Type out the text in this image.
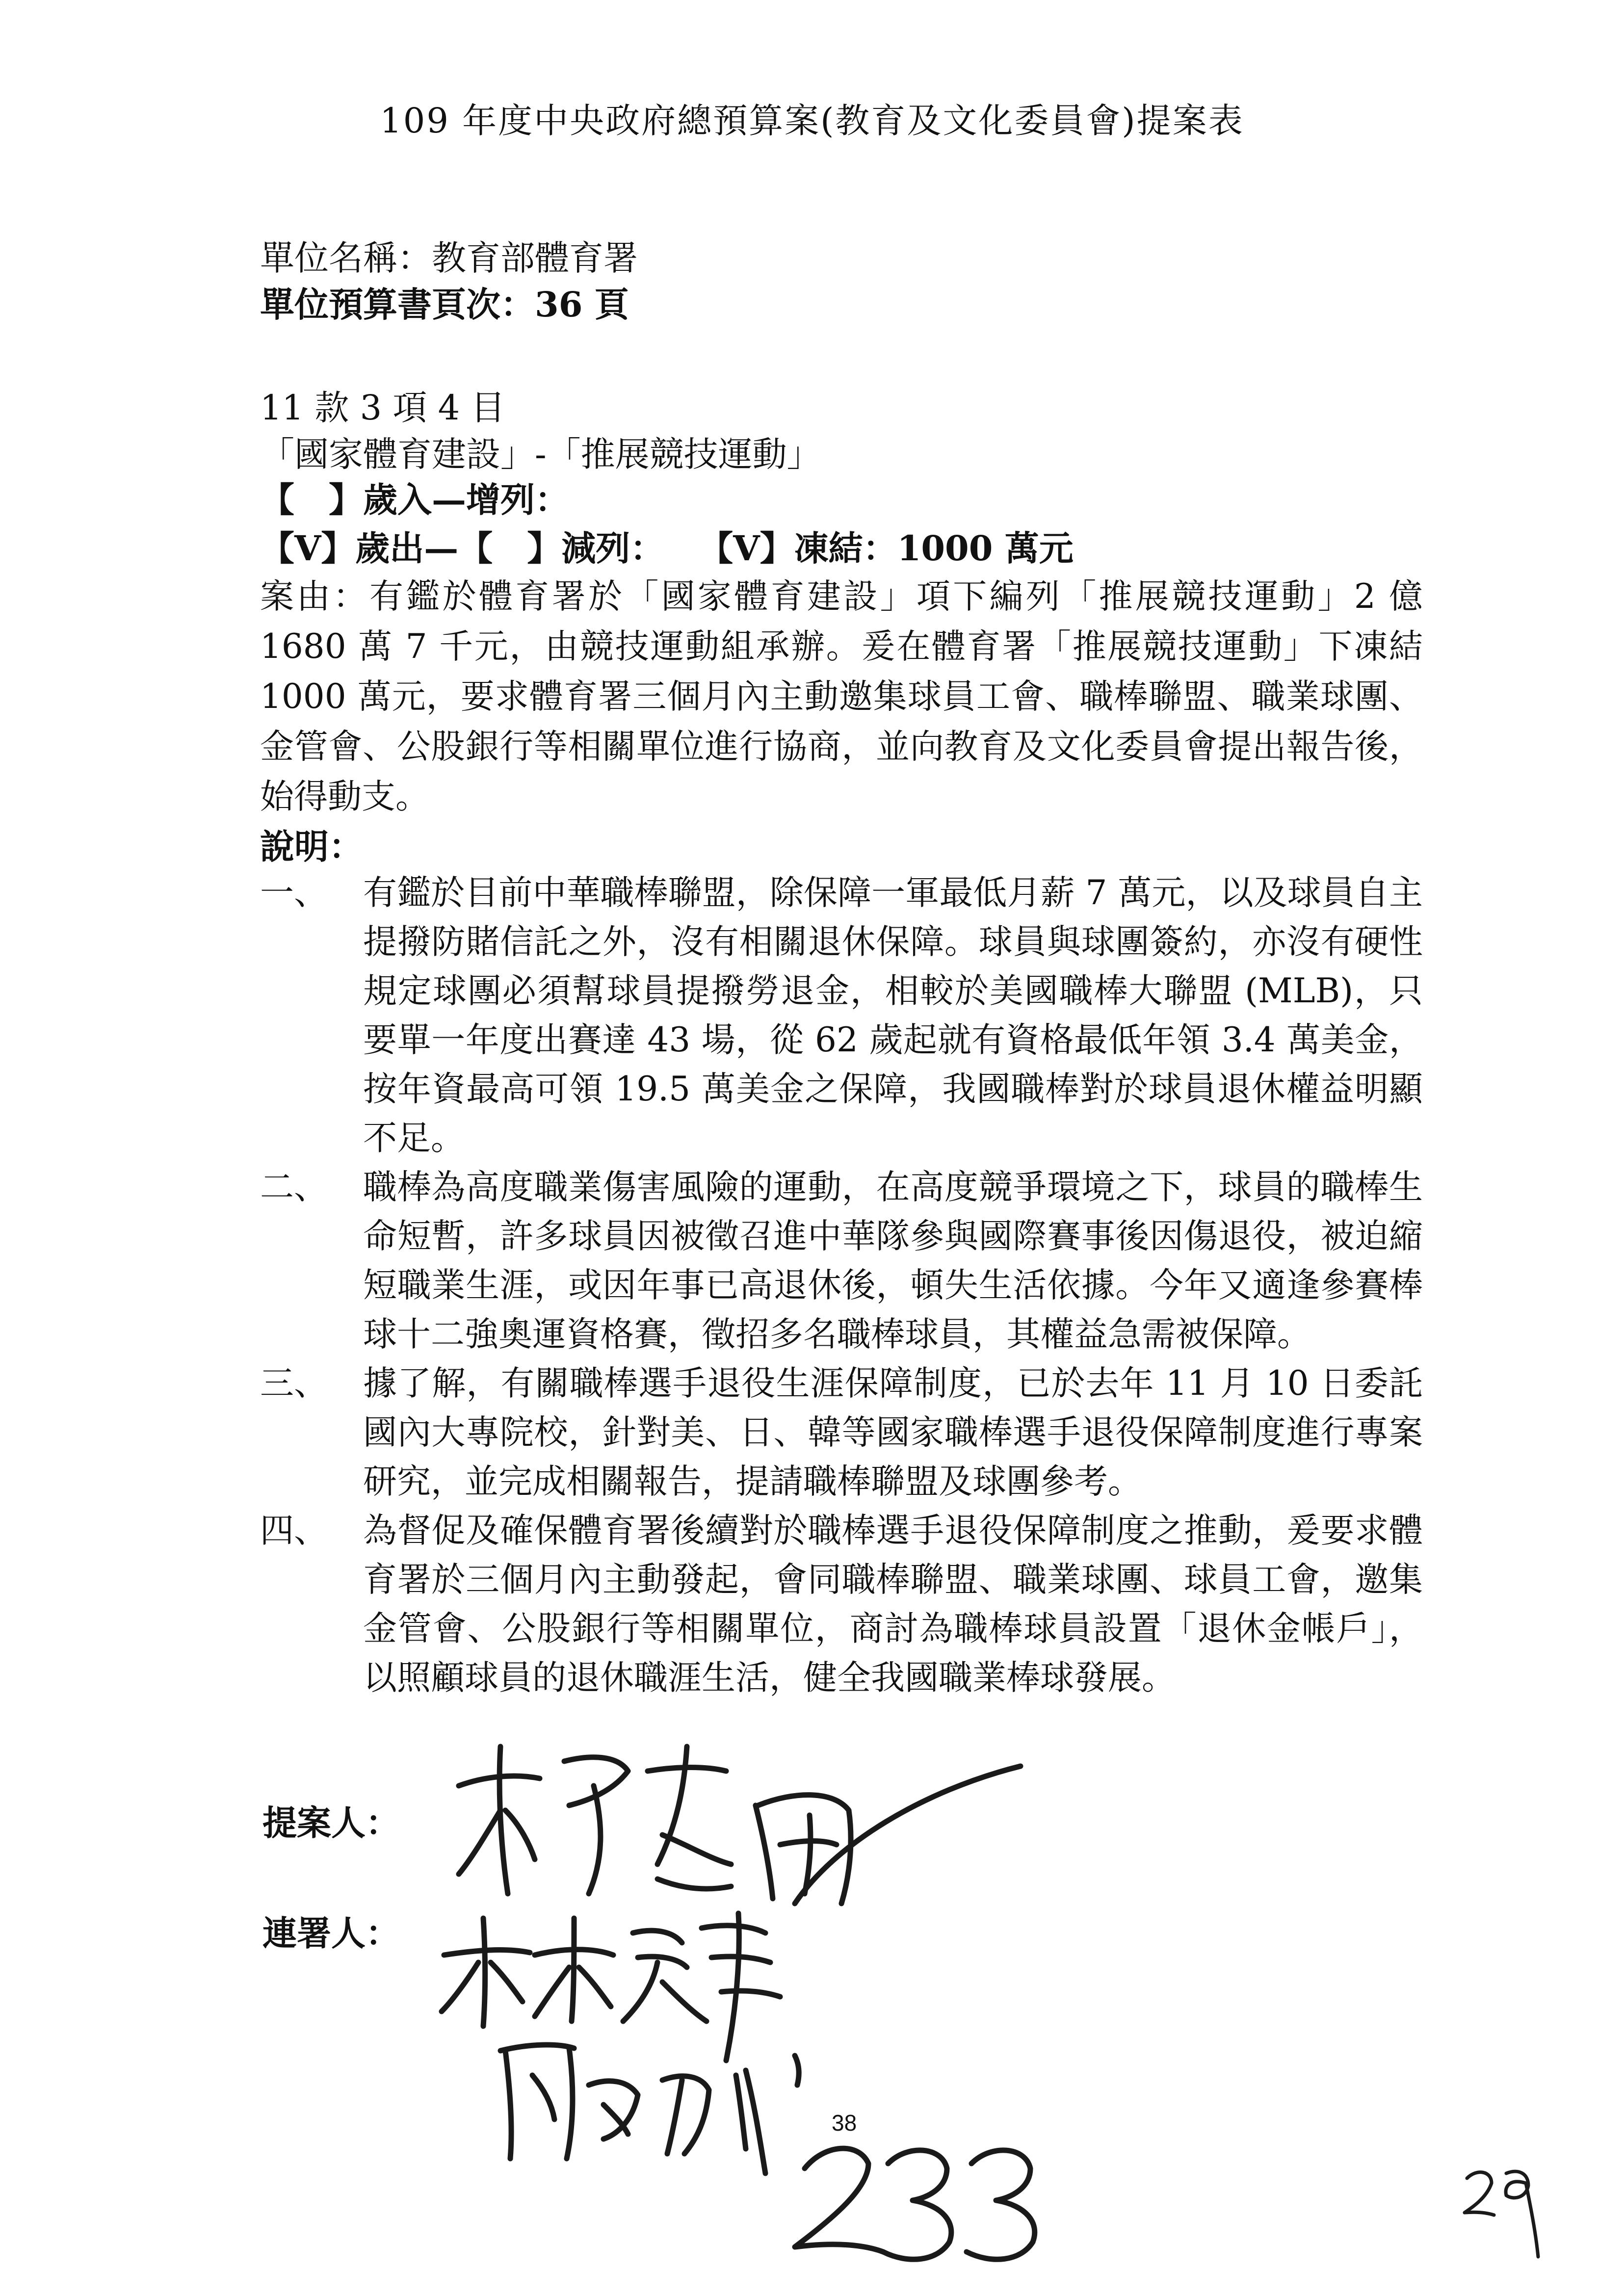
109 年度中央政府總預算案(教育及文化委員會)提案表
單位名稱：教育部體育署
單位預算書頁次：36 頁
11 款 3 項 4 目
「國家體育建設」-「推展競技運動」
【　】歲入—增列：
【V】歲出—【　】減列：　　【V】凍結：1000 萬元

案由：有鑑於體育署於「國家體育建設」項下編列「推展競技運動」2 億 1680 萬 7 千元，由競技運動組承辦。爰在體育署「推展競技運動」下凍結 1000 萬元，要求體育署三個月內主動邀集球員工會、職棒聯盟、職業球團、金管會、公股銀行等相關單位進行協商，並向教育及文化委員會提出報告後，始得動支。

說明：
一、	有鑑於目前中華職棒聯盟，除保障一軍最低月薪 7 萬元，以及球員自主提撥防賭信託之外，沒有相關退休保障。球員與球團簽約，亦沒有硬性規定球團必須幫球員提撥勞退金，相較於美國職棒大聯盟 (MLB)，只要單一年度出賽達 43 場，從 62 歲起就有資格最低年領 3.4 萬美金，按年資最高可領 19.5 萬美金之保障，我國職棒對於球員退休權益明顯不足。
二、	職棒為高度職業傷害風險的運動，在高度競爭環境之下，球員的職棒生命短暫，許多球員因被徵召進中華隊參與國際賽事後因傷退役，被迫縮短職業生涯，或因年事已高退休後，頓失生活依據。今年又適逢參賽棒球十二強奧運資格賽，徵招多名職棒球員，其權益急需被保障。
三、	據了解，有關職棒選手退役生涯保障制度，已於去年 11 月 10 日委託國內大專院校，針對美、日、韓等國家職棒選手退役保障制度進行專案研究，並完成相關報告，提請職棒聯盟及球團參考。
四、	為督促及確保體育署後續對於職棒選手退役保障制度之推動，爰要求體育署於三個月內主動發起，會同職棒聯盟、職業球團、球員工會，邀集金管會、公股銀行等相關單位，商討為職棒球員設置「退休金帳戶」，以照顧球員的退休職涯生活，健全我國職業棒球發展。
提案人：
連署人：
38
